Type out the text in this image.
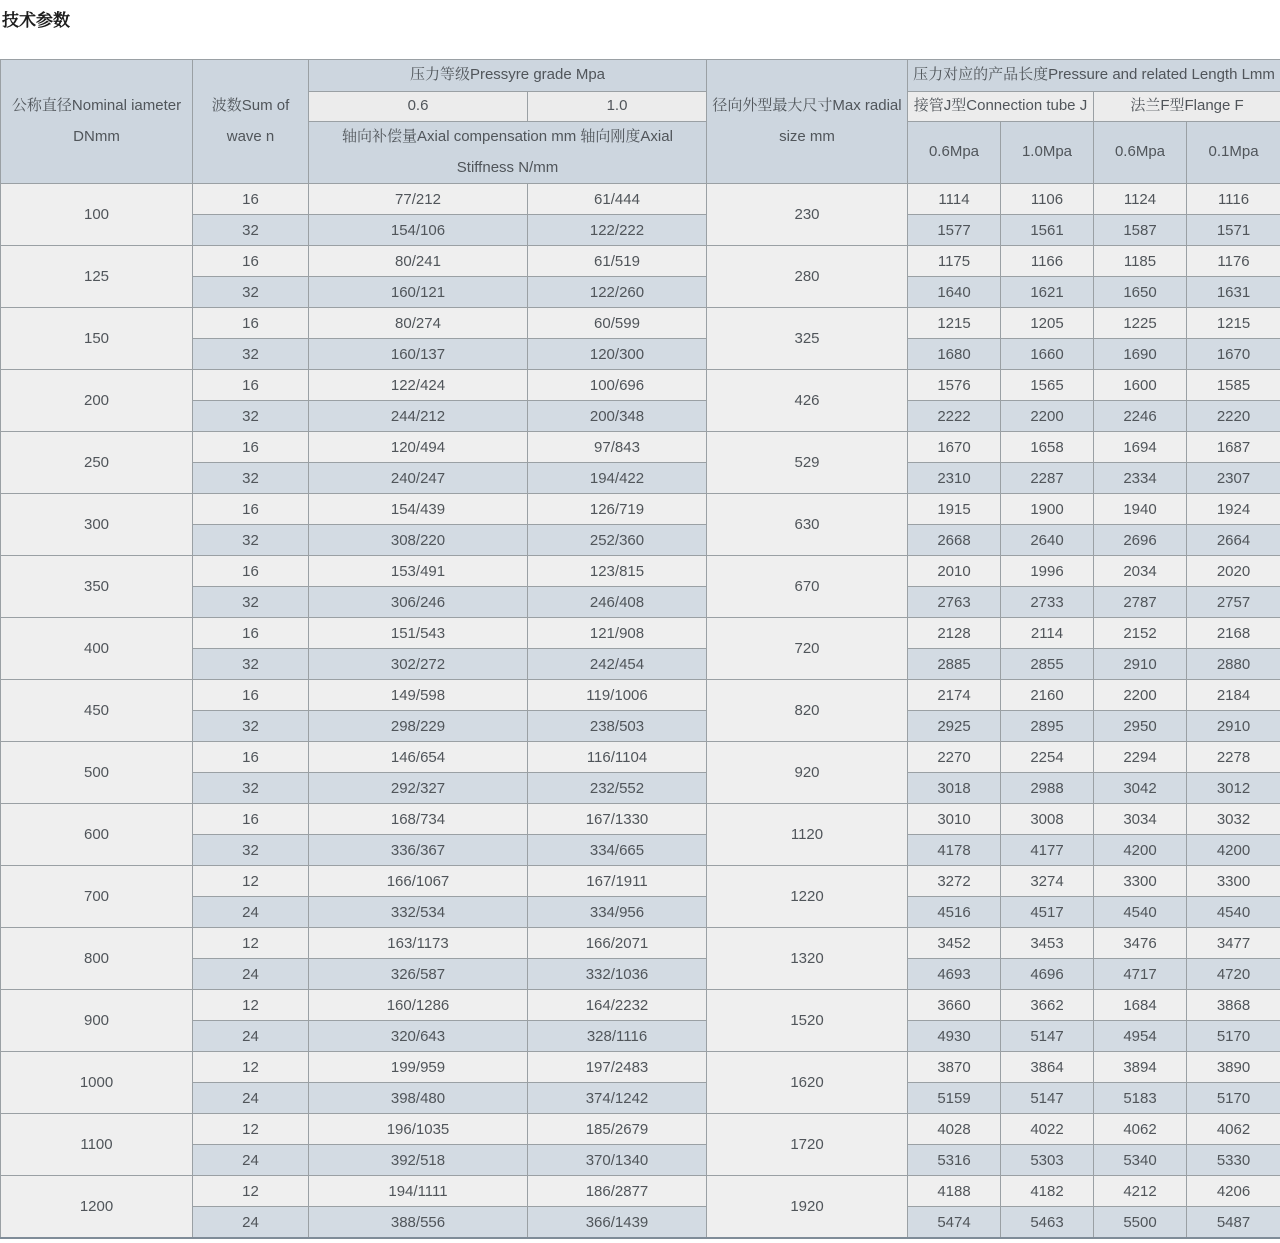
技术参数
公称直径Nominal iameter DNmm	波数Sum of wave n	压力等级Pressyre grade Mpa		径向外型最大尺寸Max radial size mm	压力对应的产品长度Pressure and related Length Lmm			
		0.6	1.0		接管J型Connection tube J		法兰F型Flange F	
		轴向补偿量Axial compensation mm 轴向刚度Axial Stiffness N/mm			0.6Mpa	1.0Mpa	0.6Mpa	0.1Mpa
100	16	77/212	61/444	230	1114	1106	1124	1116
	32	154/106	122/222		1577	1561	1587	1571
125	16	80/241	61/519	280	1175	1166	1185	1176
	32	160/121	122/260		1640	1621	1650	1631
150	16	80/274	60/599	325	1215	1205	1225	1215
	32	160/137	120/300		1680	1660	1690	1670
200	16	122/424	100/696	426	1576	1565	1600	1585
	32	244/212	200/348		2222	2200	2246	2220
250	16	120/494	97/843	529	1670	1658	1694	1687
	32	240/247	194/422		2310	2287	2334	2307
300	16	154/439	126/719	630	1915	1900	1940	1924
	32	308/220	252/360		2668	2640	2696	2664
350	16	153/491	123/815	670	2010	1996	2034	2020
	32	306/246	246/408		2763	2733	2787	2757
400	16	151/543	121/908	720	2128	2114	2152	2168
	32	302/272	242/454		2885	2855	2910	2880
450	16	149/598	119/1006	820	2174	2160	2200	2184
	32	298/229	238/503		2925	2895	2950	2910
500	16	146/654	116/1104	920	2270	2254	2294	2278
	32	292/327	232/552		3018	2988	3042	3012
600	16	168/734	167/1330	1120	3010	3008	3034	3032
	32	336/367	334/665		4178	4177	4200	4200
700	12	166/1067	167/1911	1220	3272	3274	3300	3300
	24	332/534	334/956		4516	4517	4540	4540
800	12	163/1173	166/2071	1320	3452	3453	3476	3477
	24	326/587	332/1036		4693	4696	4717	4720
900	12	160/1286	164/2232	1520	3660	3662	1684	3868
	24	320/643	328/1116		4930	5147	4954	5170
1000	12	199/959	197/2483	1620	3870	3864	3894	3890
	24	398/480	374/1242		5159	5147	5183	5170
1100	12	196/1035	185/2679	1720	4028	4022	4062	4062
	24	392/518	370/1340		5316	5303	5340	5330
1200	12	194/1111	186/2877	1920	4188	4182	4212	4206
	24	388/556	366/1439		5474	5463	5500	5487
